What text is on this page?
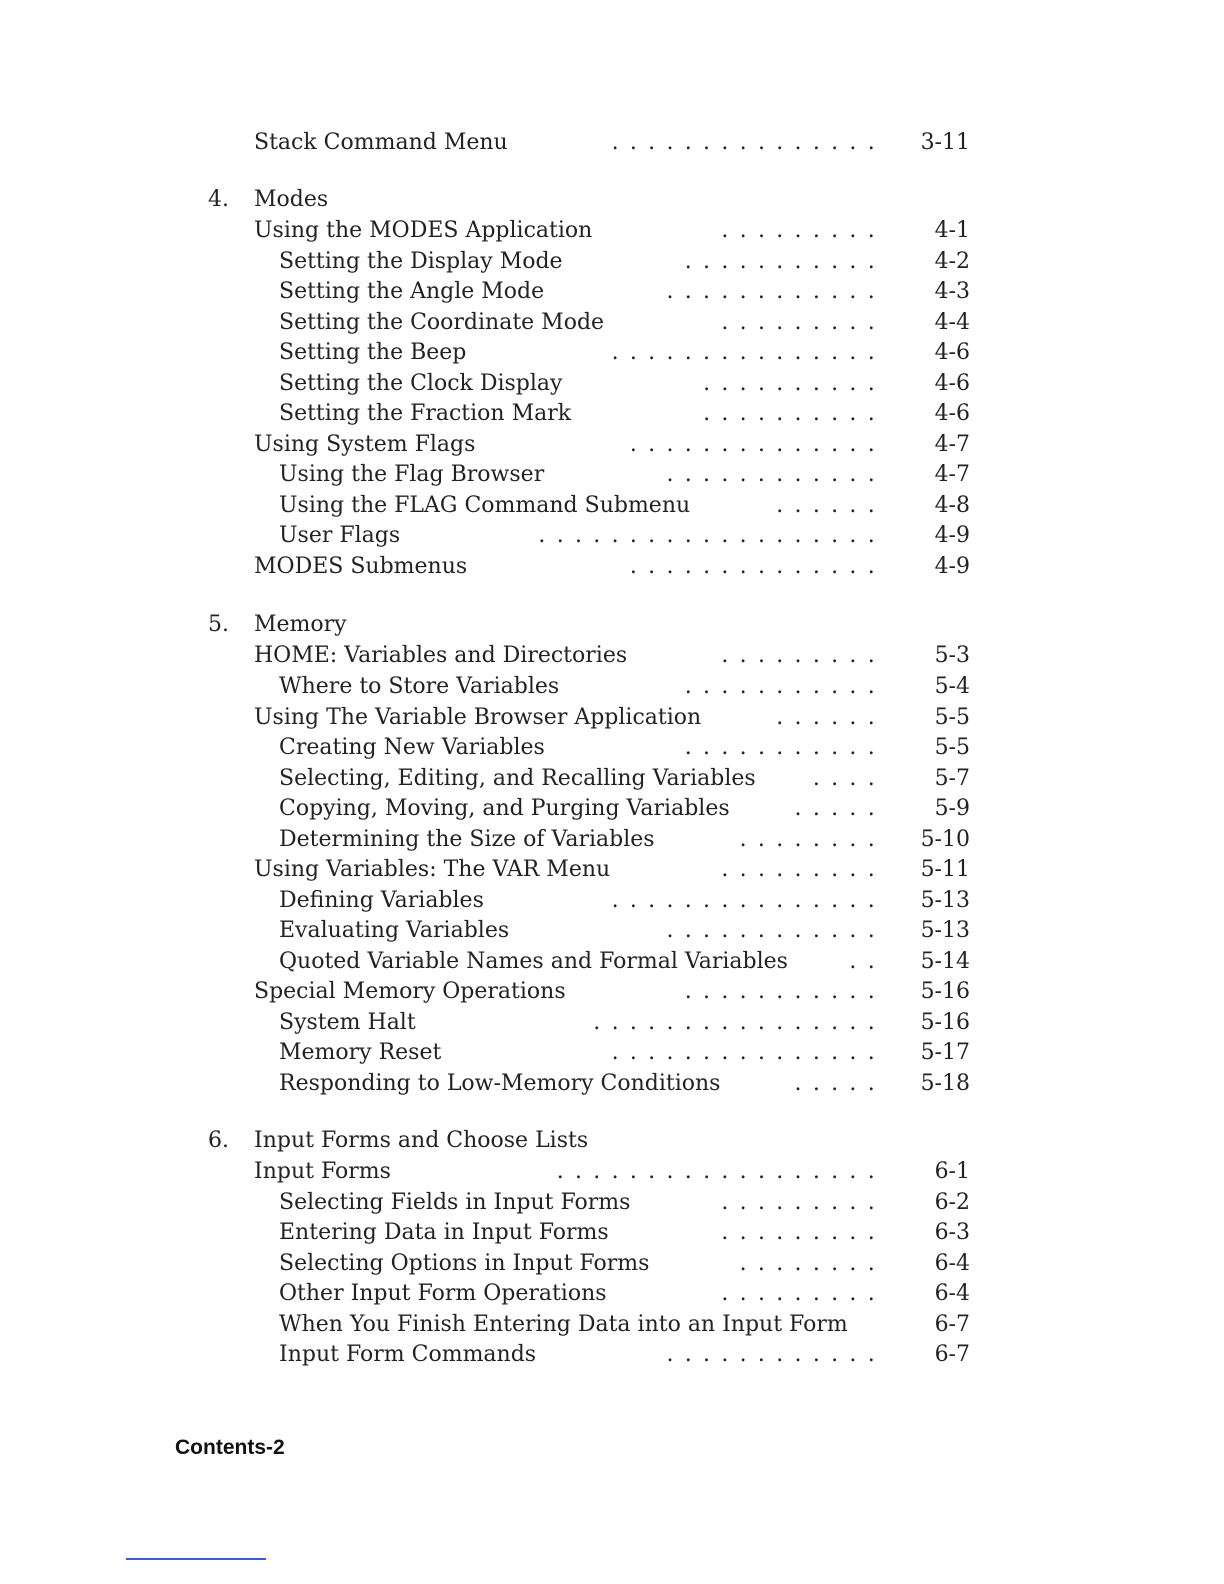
Stack Command Menu	............... 3-11
4. Modes
Using the MODES Application	......... 4-1
Setting the Display Mode	........... 4-2
Setting the Angle Mode	............ 4-3
Setting the Coordinate Mode	......... 4-4
Setting the Beep	............... 4-6
Setting the Clock Display	.......... 4-6
Setting the Fraction Mark	.......... 4-6
Using System Flags	.............. 4-7
Using the Flag Browser	............ 4-7
Using the FLAG Command Submenu	...... 4-8
User Flags	................... 4-9
MODES Submenus	.............. 4-9
5. Memory
HOME: Variables and Directories	......... 5-3
Where to Store Variables	........... 5-4
Using The Variable Browser Application	...... 5-5
Creating New Variables	........... 5-5
Selecting, Editing, and Recalling Variables	.... 5-7
Copying, Moving, and Purging Variables	..... 5-9
Determining the Size of Variables	........ 5-10
Using Variables: The VAR Menu	......... 5-11
Defining Variables	............... 5-13
Evaluating Variables	............ 5-13
Quoted Variable Names and Formal Variables	.. 5-14
Special Memory Operations	........... 5-16
System Halt	................ 5-16
Memory Reset	............... 5-17
Responding to Low-Memory Conditions	..... 5-18
6. Input Forms and Choose Lists
Input Forms	.................. 6-1
Selecting Fields in Input Forms	......... 6-2
Entering Data in Input Forms	......... 6-3
Selecting Options in Input Forms	........ 6-4
Other Input Form Operations	......... 6-4
When You Finish Entering Data into an Input Form	6-7
Input Form Commands	............ 6-7
Contents-2
